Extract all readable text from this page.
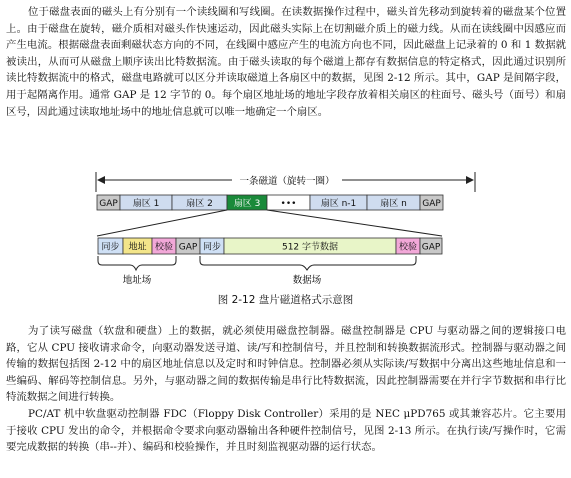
位于磁盘表面的磁头上有分别有一个读线圈和写线圈。在读数据操作过程中，磁头首先移动到旋转着的磁盘某个位置上。由于磁盘在旋转，磁介质相对磁头作快速运动，因此磁头实际上在切割磁介质上的磁力线。从而在读线圈中因感应而产生电流。根据磁盘表面剩磁状态方向的不同，在线圈中感应产生的电流方向也不同，因此磁盘上记录着的 0 和 1 数据就被读出，从而可从磁盘上顺序读出比特数据流。由于磁头读取的每个磁道上都存有数据信息的特定格式，因此通过识别所读比特数据流中的格式，磁盘电路就可以区分并读取磁道上各扇区中的数据，见图 2-12 所示。其中，GAP 是间隔字段，用于起隔离作用。通常 GAP 是 12 字节的 0。每个扇区地址场的地址字段存放着相关扇区的柱面号、磁头号（面号）和扇区号，因此通过读取地址场中的地址信息就可以唯一地确定一个扇区。

一条磁道（旋转一圈）
GAP 扇区 1	扇区 2 扇区 3 •••	扇区 n-1	扇区 n GAP
同步 地址 校验 GAP 同步	512 字节数据	校验 GAP
地址场	数据场
图 2-12 盘片磁道格式示意图

为了读写磁盘（软盘和硬盘）上的数据，就必须使用磁盘控制器。磁盘控制器是 CPU 与驱动器之间的逻辑接口电路，它从 CPU 接收请求命令，向驱动器发送寻道、读/写和控制信号，并且控制和转换数据流形式。控制器与驱动器之间传输的数据包括图 2-12 中的扇区地址信息以及定时和时钟信息。控制器必须从实际读/写数据中分离出这些地址信息和一些编码、解码等控制信息。另外，与驱动器之间的数据传输是串行比特数据流，因此控制器需要在并行字节数据和串行比特流数据之间进行转换。

PC/AT 机中软盘驱动控制器 FDC（Floppy Disk Controller）采用的是 NEC μPD765 或其兼容芯片。它主要用于接收 CPU 发出的命令，并根据命令要求向驱动器输出各种硬件控制信号，见图 2-13 所示。在执行读/写操作时，它需要完成数据的转换（串--并）、编码和校验操作，并且时刻监视驱动器的运行状态。
